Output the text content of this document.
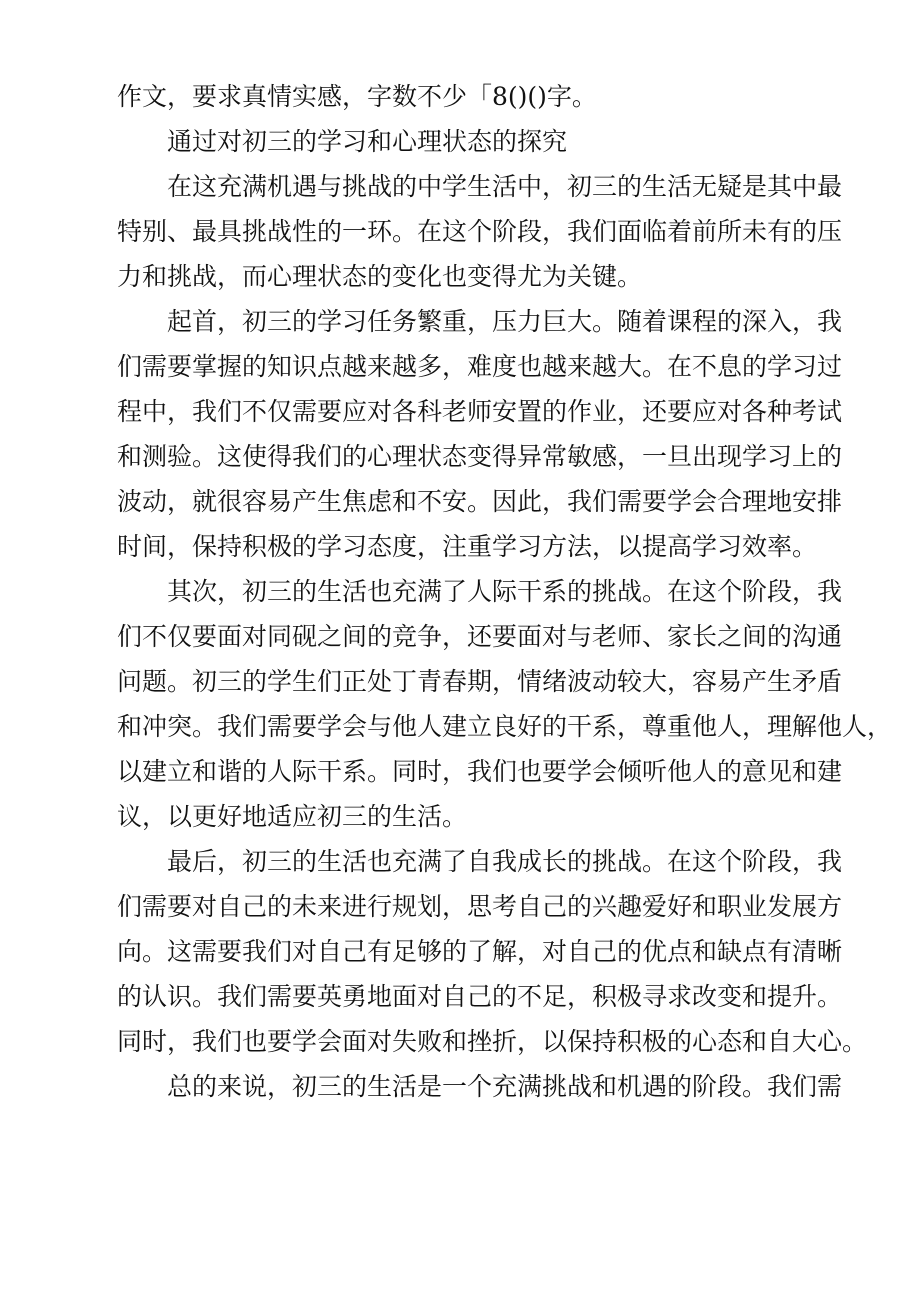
作文，要求真情实感，字数不少「8()()字。
通过对初三的学习和心理状态的探究
在这充满机遇与挑战的中学生活中，初三的生活无疑是其中最
特别、最具挑战性的一环。在这个阶段，我们面临着前所未有的压
力和挑战，而心理状态的变化也变得尤为关键。
起首，初三的学习任务繁重，压力巨大。随着课程的深入，我
们需要掌握的知识点越来越多，难度也越来越大。在不息的学习过
程中，我们不仅需要应对各科老师安置的作业，还要应对各种考试
和测验。这使得我们的心理状态变得异常敏感，一旦出现学习上的
波动，就很容易产生焦虑和不安。因此，我们需要学会合理地安排
时间，保持积极的学习态度，注重学习方法，以提高学习效率。
其次，初三的生活也充满了人际干系的挑战。在这个阶段，我
们不仅要面对同砚之间的竞争，还要面对与老师、家长之间的沟通
问题。初三的学生们正处丁青春期，情绪波动较大，容易产生矛盾
和冲突。我们需要学会与他人建立良好的干系，尊重他人，理解他人，
以建立和谐的人际干系。同时，我们也要学会倾听他人的意见和建
议，以更好地适应初三的生活。
最后，初三的生活也充满了自我成长的挑战。在这个阶段，我
们需要对自己的未来进行规划，思考自己的兴趣爱好和职业发展方
向。这需要我们对自己有足够的了解，对自己的优点和缺点有清晰
的认识。我们需要英勇地面对自己的不足，积极寻求改变和提升。
同时，我们也要学会面对失败和挫折，以保持积极的心态和自大心。
总的来说，初三的生活是一个充满挑战和机遇的阶段。我们需
